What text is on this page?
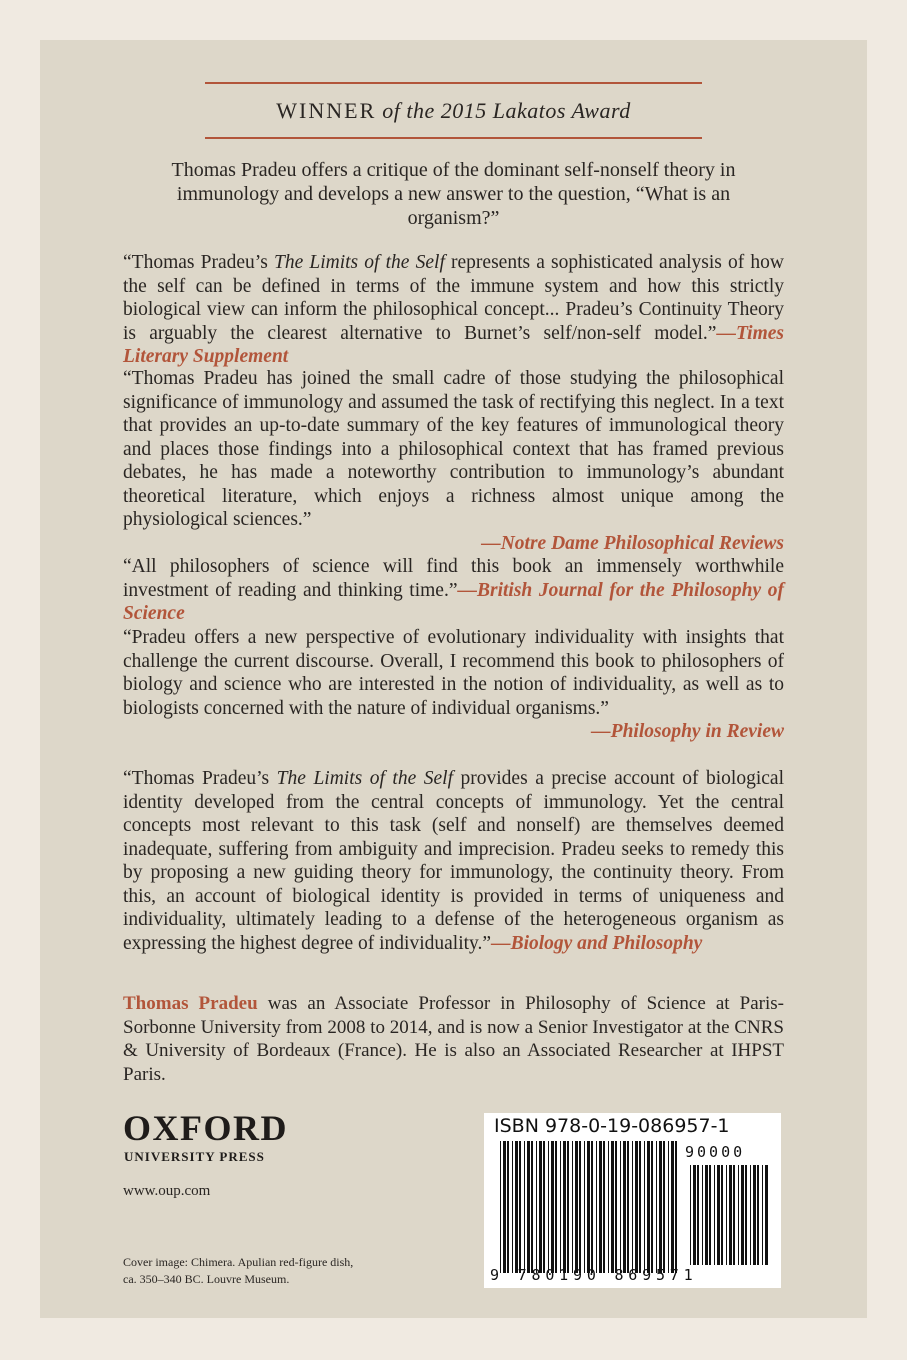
WINNER of the 2015 Lakatos Award
Thomas Pradeu offers a critique of the dominant self-nonself theory in immunology and develops a new answer to the question, “What is an organism?”
“Thomas Pradeu’s The Limits of the Self represents a sophisticated analysis of how the self can be defined in terms of the immune system and how this strictly biological view can inform the philosophical concept... Pradeu’s Continuity Theory is arguably the clearest alternative to Burnet’s self/non-self model.”—Times Literary Supplement
“Thomas Pradeu has joined the small cadre of those studying the philosophical significance of immunology and assumed the task of rectifying this neglect. In a text that provides an up-to-date summary of the key features of immunological theory and places those findings into a philosophical context that has framed previous debates, he has made a noteworthy contribution to immunology’s abundant theoretical literature, which enjoys a richness almost unique among the physiological sciences.”
—Notre Dame Philosophical Reviews
“All philosophers of science will find this book an immensely worthwhile investment of reading and thinking time.”—British Journal for the Philosophy of Science
“Pradeu offers a new perspective of evolutionary individuality with insights that challenge the current discourse. Overall, I recommend this book to philosophers of biology and science who are interested in the notion of individuality, as well as to biologists concerned with the nature of individual organisms.”
—Philosophy in Review
“Thomas Pradeu’s The Limits of the Self provides a precise account of biological identity developed from the central concepts of immunology. Yet the central concepts most relevant to this task (self and nonself) are themselves deemed inadequate, suffering from ambiguity and imprecision. Pradeu seeks to remedy this by proposing a new guiding theory for immunology, the continuity theory. From this, an account of biological identity is provided in terms of uniqueness and individuality, ultimately leading to a defense of the heterogeneous organism as expressing the highest degree of individuality.”—Biology and Philosophy
Thomas Pradeu was an Associate Professor in Philosophy of Science at Paris-Sorbonne University from 2008 to 2014, and is now a Senior Investigator at the CNRS & University of Bordeaux (France). He is also an Associated Researcher at IHPST Paris.
OXFORD
UNIVERSITY PRESS
www.oup.com
Cover image: Chimera. Apulian red-figure dish,
ca. 350–340 BC. Louvre Museum.
ISBN 978-0-19-086957-1
90000
9 780190 869571
